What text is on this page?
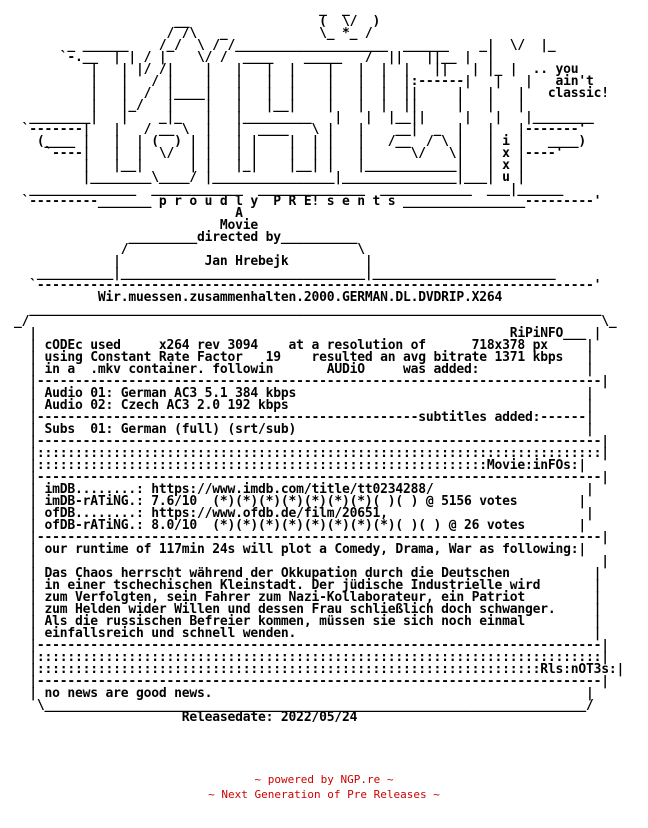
_  _
__                 (  \/  )
/ /\   _            \_ *_ /
_ ______    /_/  \ / /____________________  ______    _|  \/  |_
`-.__  | | / |    \/ /  ____    _____   /  ||   ||__ |  |
|   | |/ /|    |   |   |  |    |   |  |  |   ||   | |_ |  .. you
|   |   / |    |   |   |  |    |   |  |  |:------|   |   |   ain't
|   |  /  |____|   |   |  |    |   |  |  ||     |   |   |   classic!
|   |_/   |    |   |   |__|    |   |  |  ||     |   |   |
________|   |    _|_   |   |_________   |   |  |__||     |   |   |________
`-------|   |   / __ \  |   |  ____   \ |   |    __|  _  |   |   |-------'
(____ |   |  | (  ) | |   | |    |  | |   |   /__  / \ |   | i |   ____)
`----|   |  |  \/  | |   | |    |  | |   |      \/   \|   | x |----'
|   |__|      | |   |_|    |__| |   |____________|   | x |
|________\____/ |________________|_______________|___| u |
______________  ____________  ______________  ____________  ___|______
`---------_______ p r o u d l y  P R E! s e n t s ________________---------'
A
Movie
_________directed by__________
/                              \
|           Jan Hrebejk          |
__________|________________________________|________________________
`-------------------------------------------------------------------------'
Wir.muessen.zusammenhalten.2000.GERMAN.DL.DVDRIP.X264
___________________________________________________________________________
_/                                                                           \_
|                                                              RiPiNFO___ |
| cODEc used     x264 rev 3094    at a resolution of      718x378 px     |
| using Constant Rate Factor   19    resulted an avg bitrate 1371 kbps   |
| in a  .mkv container. followin       AUDiO     was added:              |
|--------------------------------------------------------------------------|
| Audio 01: German AC3 5.1 384 kbps                                      |
| Audio 02: Czech AC3 2.0 192 kbps                                       |
|--------------------------------------------------subtitles added:------|
| Subs  01: German (full) (srt/sub)                                      |
|--------------------------------------------------------------------------|
|::::::::::::::::::::::::::::::::::::::::::::::::::::::::::::::::::::::::::|
|:::::::::::::::::::::::::::::::::::::::::::::::::::::::::::Movie:inFOs:|
|--------------------------------------------------------------------------|
| imDB........: https://www.imdb.com/title/tt0234288/                    |
| imDB-rATiNG.: 7.6/10  (*)(*)(*)(*)(*)(*)(*)( )( ) @ 5156 votes        |
| ofDB........: https://www.ofdb.de/film/20651,                          |
| ofDB-rATiNG.: 8.0/10  (*)(*)(*)(*)(*)(*)(*)(*)( )( ) @ 26 votes       |
|--------------------------------------------------------------------------|
| our runtime of 117min 24s will plot a Comedy, Drama, War as following:|
|                                                                          |
| Das Chaos herrscht während der Okkupation durch die Deutschen           |
| in einer tschechischen Kleinstadt. Der jüdische Industrielle wird       |
| zum Verfolgten, sein Fahrer zum Nazi-Kollaborateur, ein Patriot         |
| zum Helden wider Willen und dessen Frau schließlich doch schwanger.     |
| Als die russischen Befreier kommen, müssen sie sich noch einmal         |
| einfallsreich und schnell wenden.                                       |
|--------------------------------------------------------------------------|
|::::::::::::::::::::::::::::::::::::::::::::::::::::::::::::::::::::::::::|
|::::::::::::::::::::::::::::::::::::::::::::::::::::::::::::::::::Rls:nOT3s:|
|--------------------------------------------------------------------------|
| no news are good news.                                                 |
\_______________________________________________________________________/
Releasedate: 2022/05/24

~ powered by NGP.re ~
~ Next Generation of Pre Releases ~
